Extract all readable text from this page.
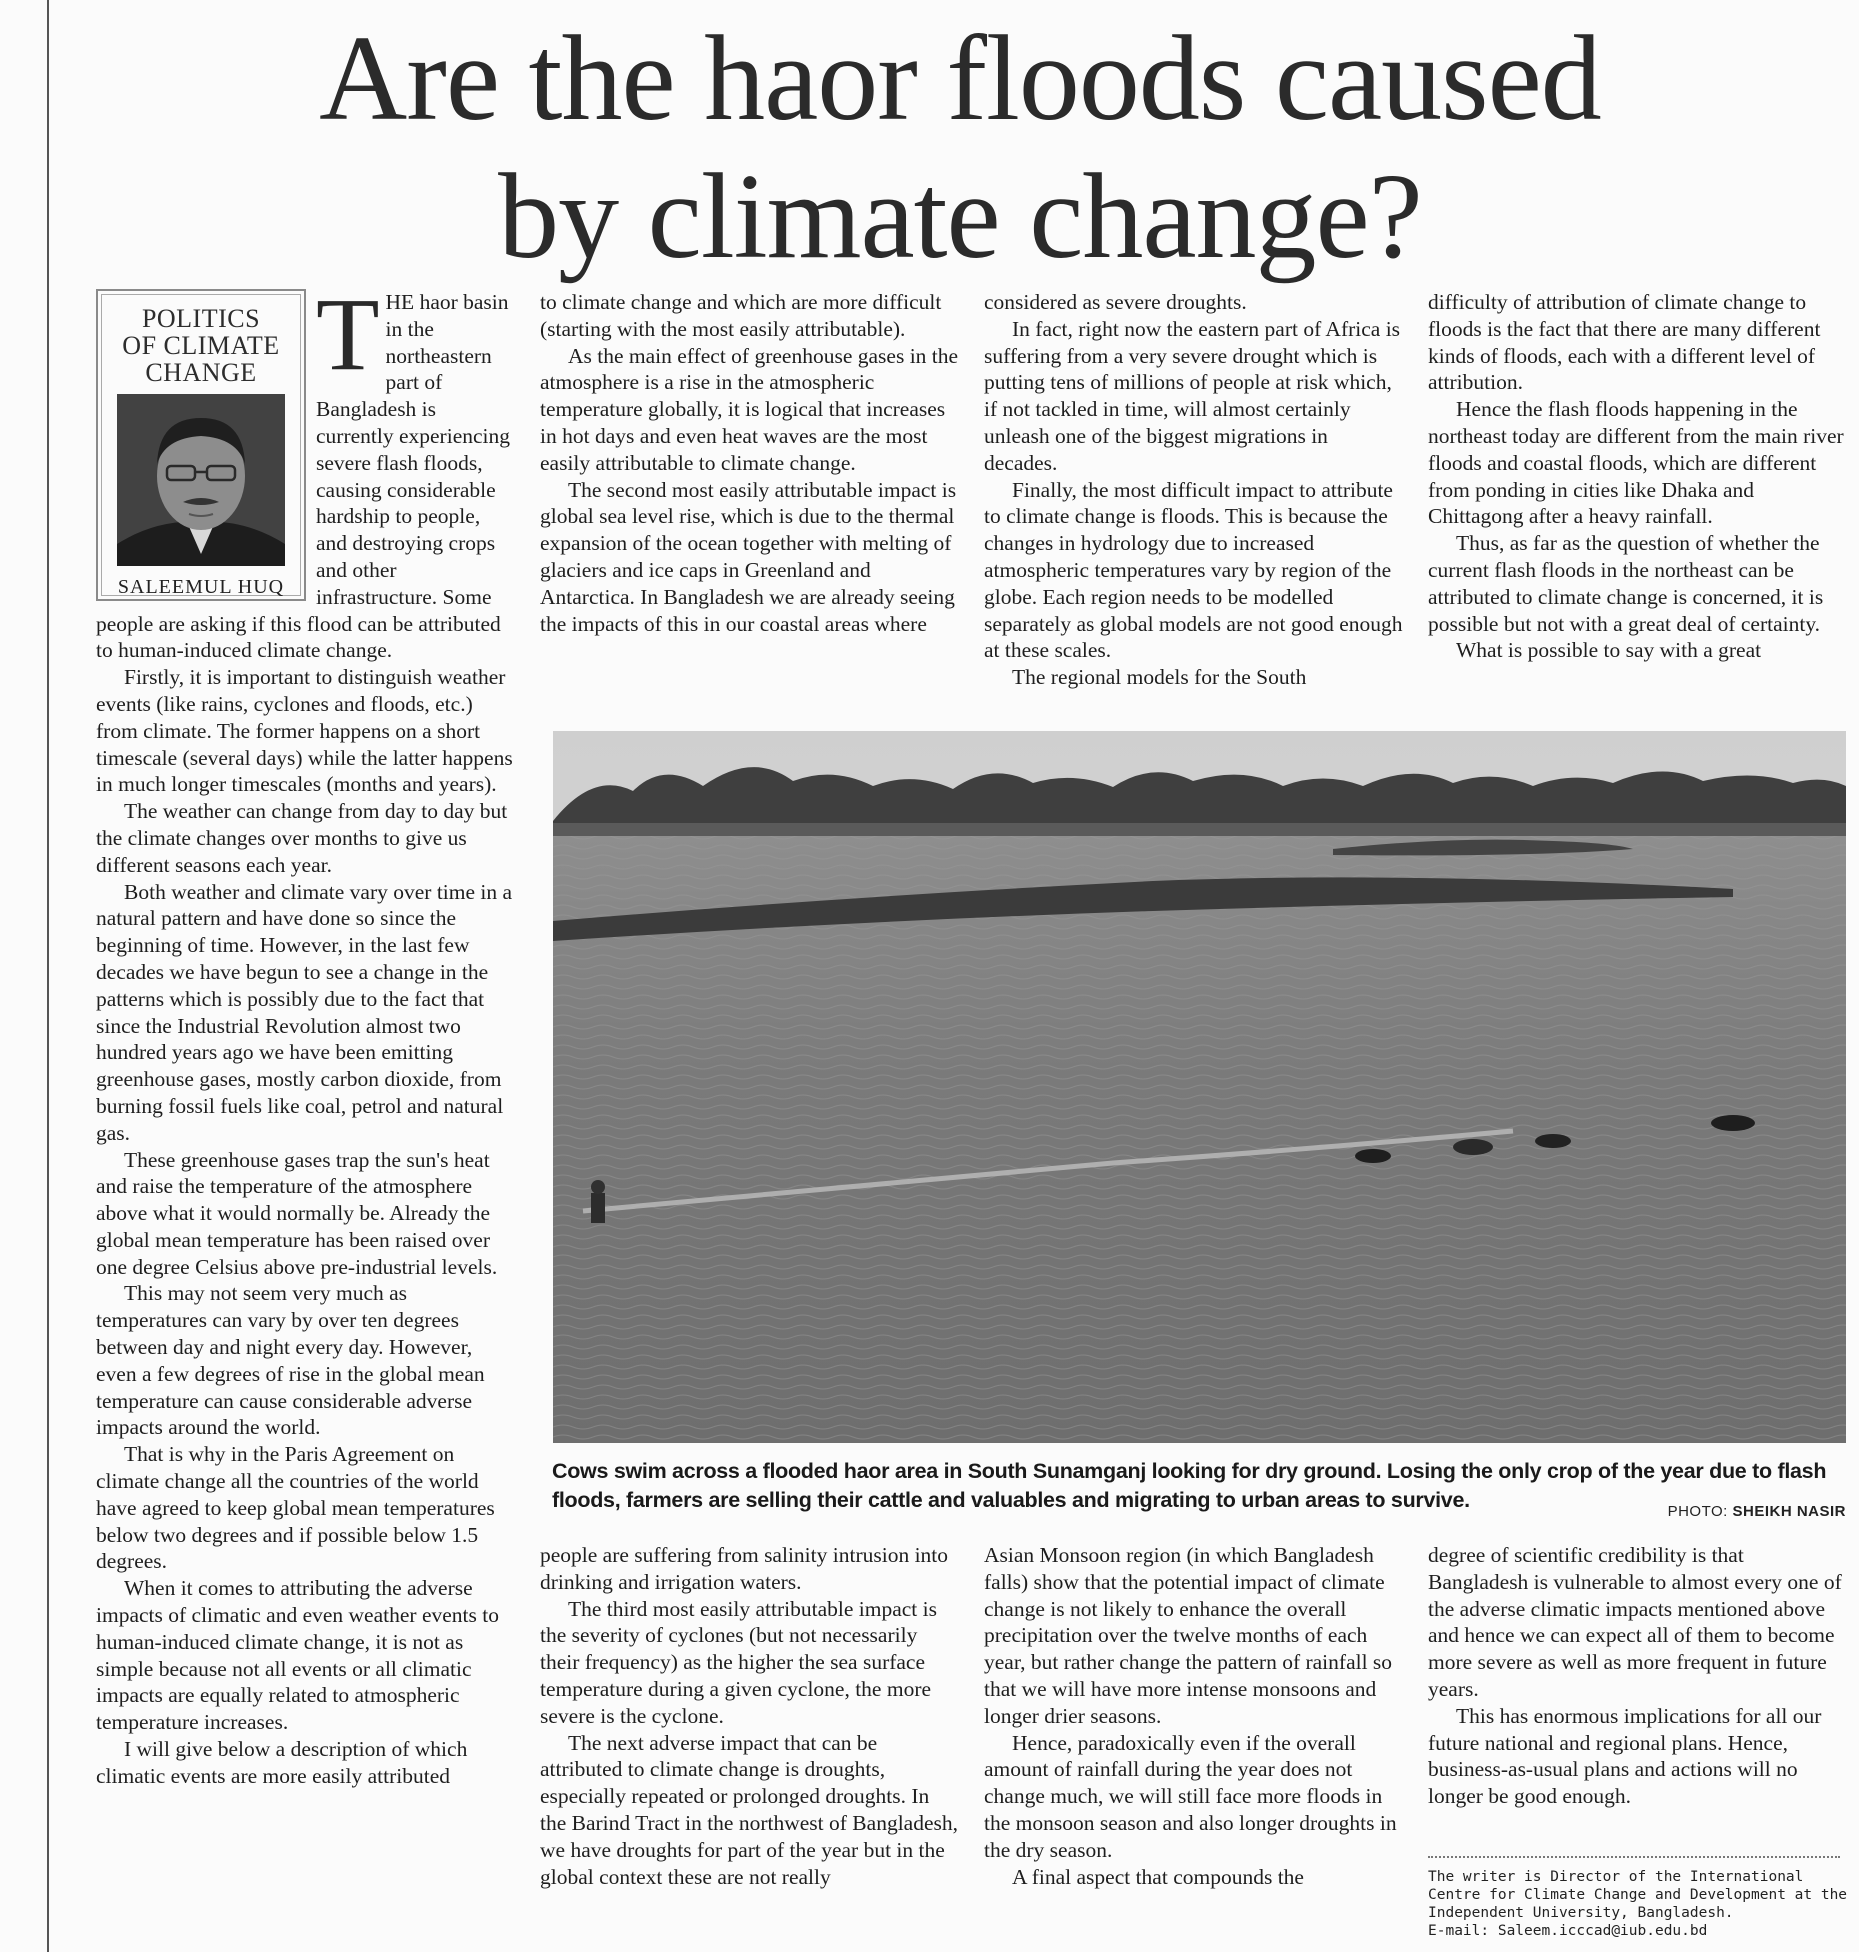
Are the haor floods caused
by climate change?
POLITICS
OF CLIMATE
CHANGE
SALEEMUL HUQ
T HE haor basin in the northeastern part of Bangladesh is currently experiencing severe flash floods, causing considerable hardship to people, and destroying crops and other infrastructure. Some people are asking if this flood can be attributed to human-induced climate change.

Firstly, it is important to distinguish weather events (like rains, cyclones and floods, etc.) from climate. The former happens on a short timescale (several days) while the latter happens in much longer timescales (months and years).

The weather can change from day to day but the climate changes over months to give us different seasons each year.

Both weather and climate vary over time in a natural pattern and have done so since the beginning of time. However, in the last few decades we have begun to see a change in the patterns which is possibly due to the fact that since the Industrial Revolution almost two hundred years ago we have been emitting greenhouse gases, mostly carbon dioxide, from burning fossil fuels like coal, petrol and natural gas.

These greenhouse gases trap the sun's heat and raise the temperature of the atmosphere above what it would normally be. Already the global mean temperature has been raised over one degree Celsius above pre-industrial levels.

This may not seem very much as temperatures can vary by over ten degrees between day and night every day. However, even a few degrees of rise in the global mean temperature can cause considerable adverse impacts around the world.

That is why in the Paris Agreement on climate change all the countries of the world have agreed to keep global mean temperatures below two degrees and if possible below 1.5 degrees.

When it comes to attributing the adverse impacts of climatic and even weather events to human-induced climate change, it is not as simple because not all events or all climatic impacts are equally related to atmospheric temperature increases.

I will give below a description of which climatic events are more easily attributed

to climate change and which are more difficult (starting with the most easily attributable).

As the main effect of greenhouse gases in the atmosphere is a rise in the atmospheric temperature globally, it is logical that increases in hot days and even heat waves are the most easily attributable to climate change.

The second most easily attributable impact is global sea level rise, which is due to the thermal expansion of the ocean together with melting of glaciers and ice caps in Greenland and Antarctica. In Bangladesh we are already seeing the impacts of this in our coastal areas where

considered as severe droughts.

In fact, right now the eastern part of Africa is suffering from a very severe drought which is putting tens of millions of people at risk which, if not tackled in time, will almost certainly unleash one of the biggest migrations in decades.

Finally, the most difficult impact to attribute to climate change is floods. This is because the changes in hydrology due to increased atmospheric temperatures vary by region of the globe. Each region needs to be modelled separately as global models are not good enough at these scales.

The regional models for the South

difficulty of attribution of climate change to floods is the fact that there are many different kinds of floods, each with a different level of attribution.

Hence the flash floods happening in the northeast today are different from the main river floods and coastal floods, which are different from ponding in cities like Dhaka and Chittagong after a heavy rainfall.

Thus, as far as the question of whether the current flash floods in the northeast can be attributed to climate change is concerned, it is possible but not with a great deal of certainty.

What is possible to say with a great

Cows swim across a flooded haor area in South Sunamganj looking for dry ground. Losing the only crop of the year due to flash floods, farmers are selling their cattle and valuables and migrating to urban areas to survive.	PHOTO: SHEIKH NASIR

people are suffering from salinity intrusion into drinking and irrigation waters.

The third most easily attributable impact is the severity of cyclones (but not necessarily their frequency) as the higher the sea surface temperature during a given cyclone, the more severe is the cyclone.

The next adverse impact that can be attributed to climate change is droughts, especially repeated or prolonged droughts. In the Barind Tract in the northwest of Bangladesh, we have droughts for part of the year but in the global context these are not really

Asian Monsoon region (in which Bangladesh falls) show that the potential impact of climate change is not likely to enhance the overall precipitation over the twelve months of each year, but rather change the pattern of rainfall so that we will have more intense monsoons and longer drier seasons.

Hence, paradoxically even if the overall amount of rainfall during the year does not change much, we will still face more floods in the monsoon season and also longer droughts in the dry season.

A final aspect that compounds the

degree of scientific credibility is that Bangladesh is vulnerable to almost every one of the adverse climatic impacts mentioned above and hence we can expect all of them to become more severe as well as more frequent in future years.

This has enormous implications for all our future national and regional plans. Hence, business-as-usual plans and actions will no longer be good enough.

The writer is Director of the International Centre for Climate Change and Development at the Independent University, Bangladesh.

E-mail: Saleem.icccad@iub.edu.bd
